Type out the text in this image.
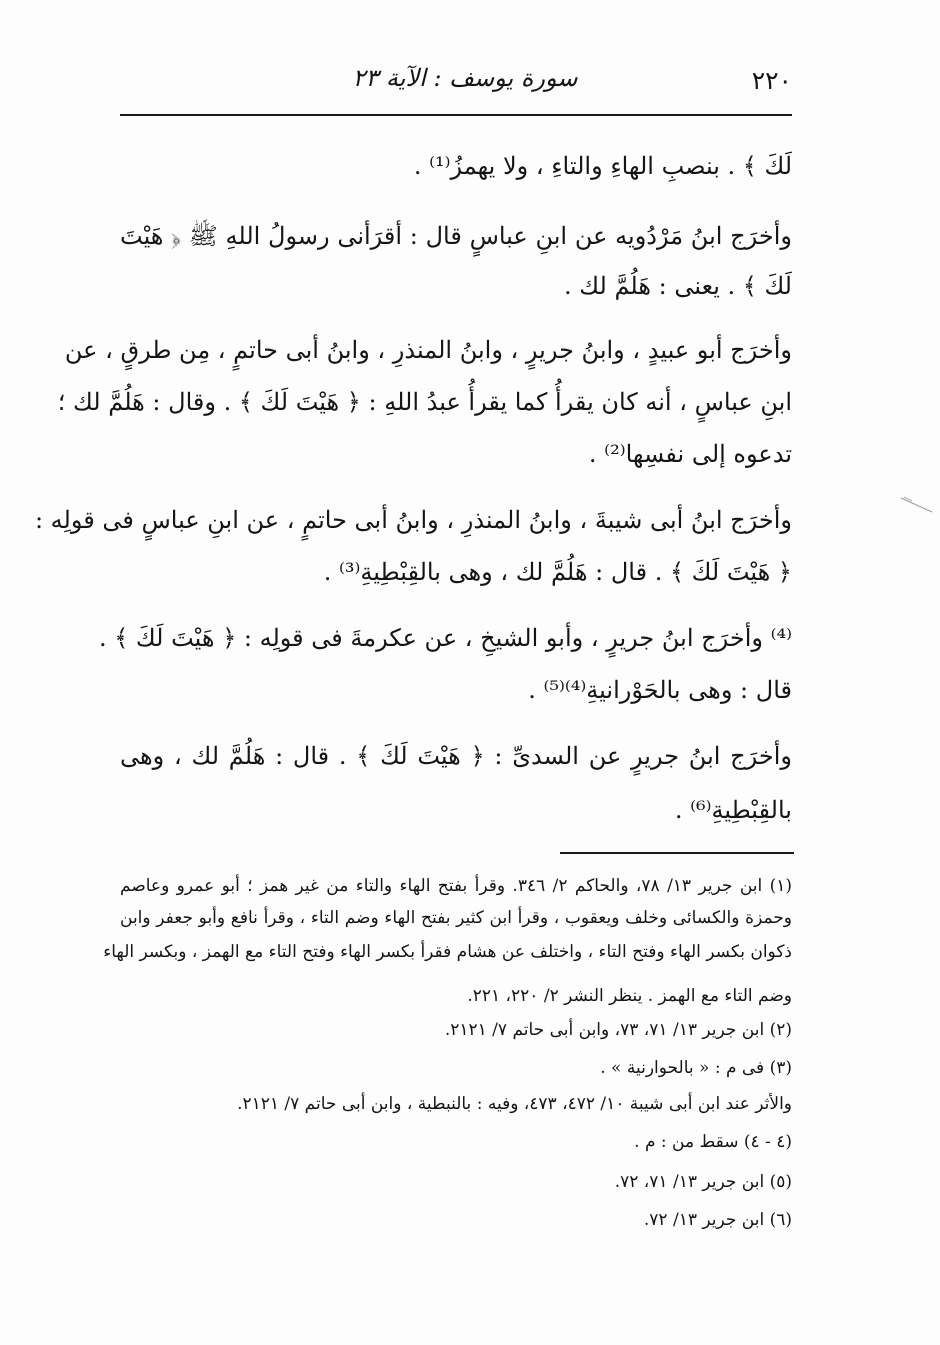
٢٢٠
سورة يوسف : الآية ٢٣
لَكَ ﴾ . بنصبِ الهاءِ والتاءِ ، ولا يهمزُ⁽¹⁾ .
وأخرَج ابنُ مَرْدُويه عن ابنِ عباسٍ قال : أقرَأنى رسولُ اللهِ ﷺ ﴿ هَيْتَ
لَكَ ﴾ . يعنى : هَلُمَّ لك .
وأخرَج أبو عبيدٍ ، وابنُ جريرٍ ، وابنُ المنذرِ ، وابنُ أبى حاتمٍ ، مِن طرقٍ ، عن
ابنِ عباسٍ ، أنه كان يقرأُ كما يقرأُ عبدُ اللهِ : ﴿ هَيْتَ لَكَ ﴾ . وقال : هَلُمَّ لك ؛
تدعوه إلى نفسِها⁽²⁾ .
وأخرَج ابنُ أبى شيبةَ ، وابنُ المنذرِ ، وابنُ أبى حاتمٍ ، عن ابنِ عباسٍ فى قولِه :
﴿ هَيْتَ لَكَ ﴾ . قال : هَلُمَّ لك ، وهى بالقِبْطِيةِ⁽³⁾ .
⁽⁴⁾ وأخرَج ابنُ جريرٍ ، وأبو الشيخِ ، عن عكرمةَ فى قولِه : ﴿ هَيْتَ لَكَ ﴾ .
قال : وهى بالحَوْرانيةِ⁽⁴⁾⁽⁵⁾ .
وأخرَج ابنُ جريرٍ عن السدىِّ : ﴿ هَيْتَ لَكَ ﴾ . قال : هَلُمَّ لك ، وهى
بالقِبْطِيةِ⁽⁶⁾ .
(١) ابن جرير ١٣/ ٧٨، والحاكم ٢/ ٣٤٦. وقرأ بفتح الهاء والتاء من غير همز ؛ أبو عمرو وعاصم
وحمزة والكسائى وخلف ويعقوب ، وقرأ ابن كثير بفتح الهاء وضم التاء ، وقرأ نافع وأبو جعفر وابن
ذكوان بكسر الهاء وفتح التاء ، واختلف عن هشام فقرأ بكسر الهاء وفتح التاء مع الهمز ، وبكسر الهاء
وضم التاء مع الهمز . ينظر النشر ٢/ ٢٢٠، ٢٢١.
(٢) ابن جرير ١٣/ ٧١، ٧٣، وابن أبى حاتم ٧/ ٢١٢١.
(٣) فى م : « بالحوارنية » .
والأثر عند ابن أبى شيبة ١٠/ ٤٧٢، ٤٧٣، وفيه : بالنبطية ، وابن أبى حاتم ٧/ ٢١٢١.
(٤ - ٤) سقط من : م .
(٥) ابن جرير ١٣/ ٧١، ٧٢.
(٦) ابن جرير ١٣/ ٧٢.
